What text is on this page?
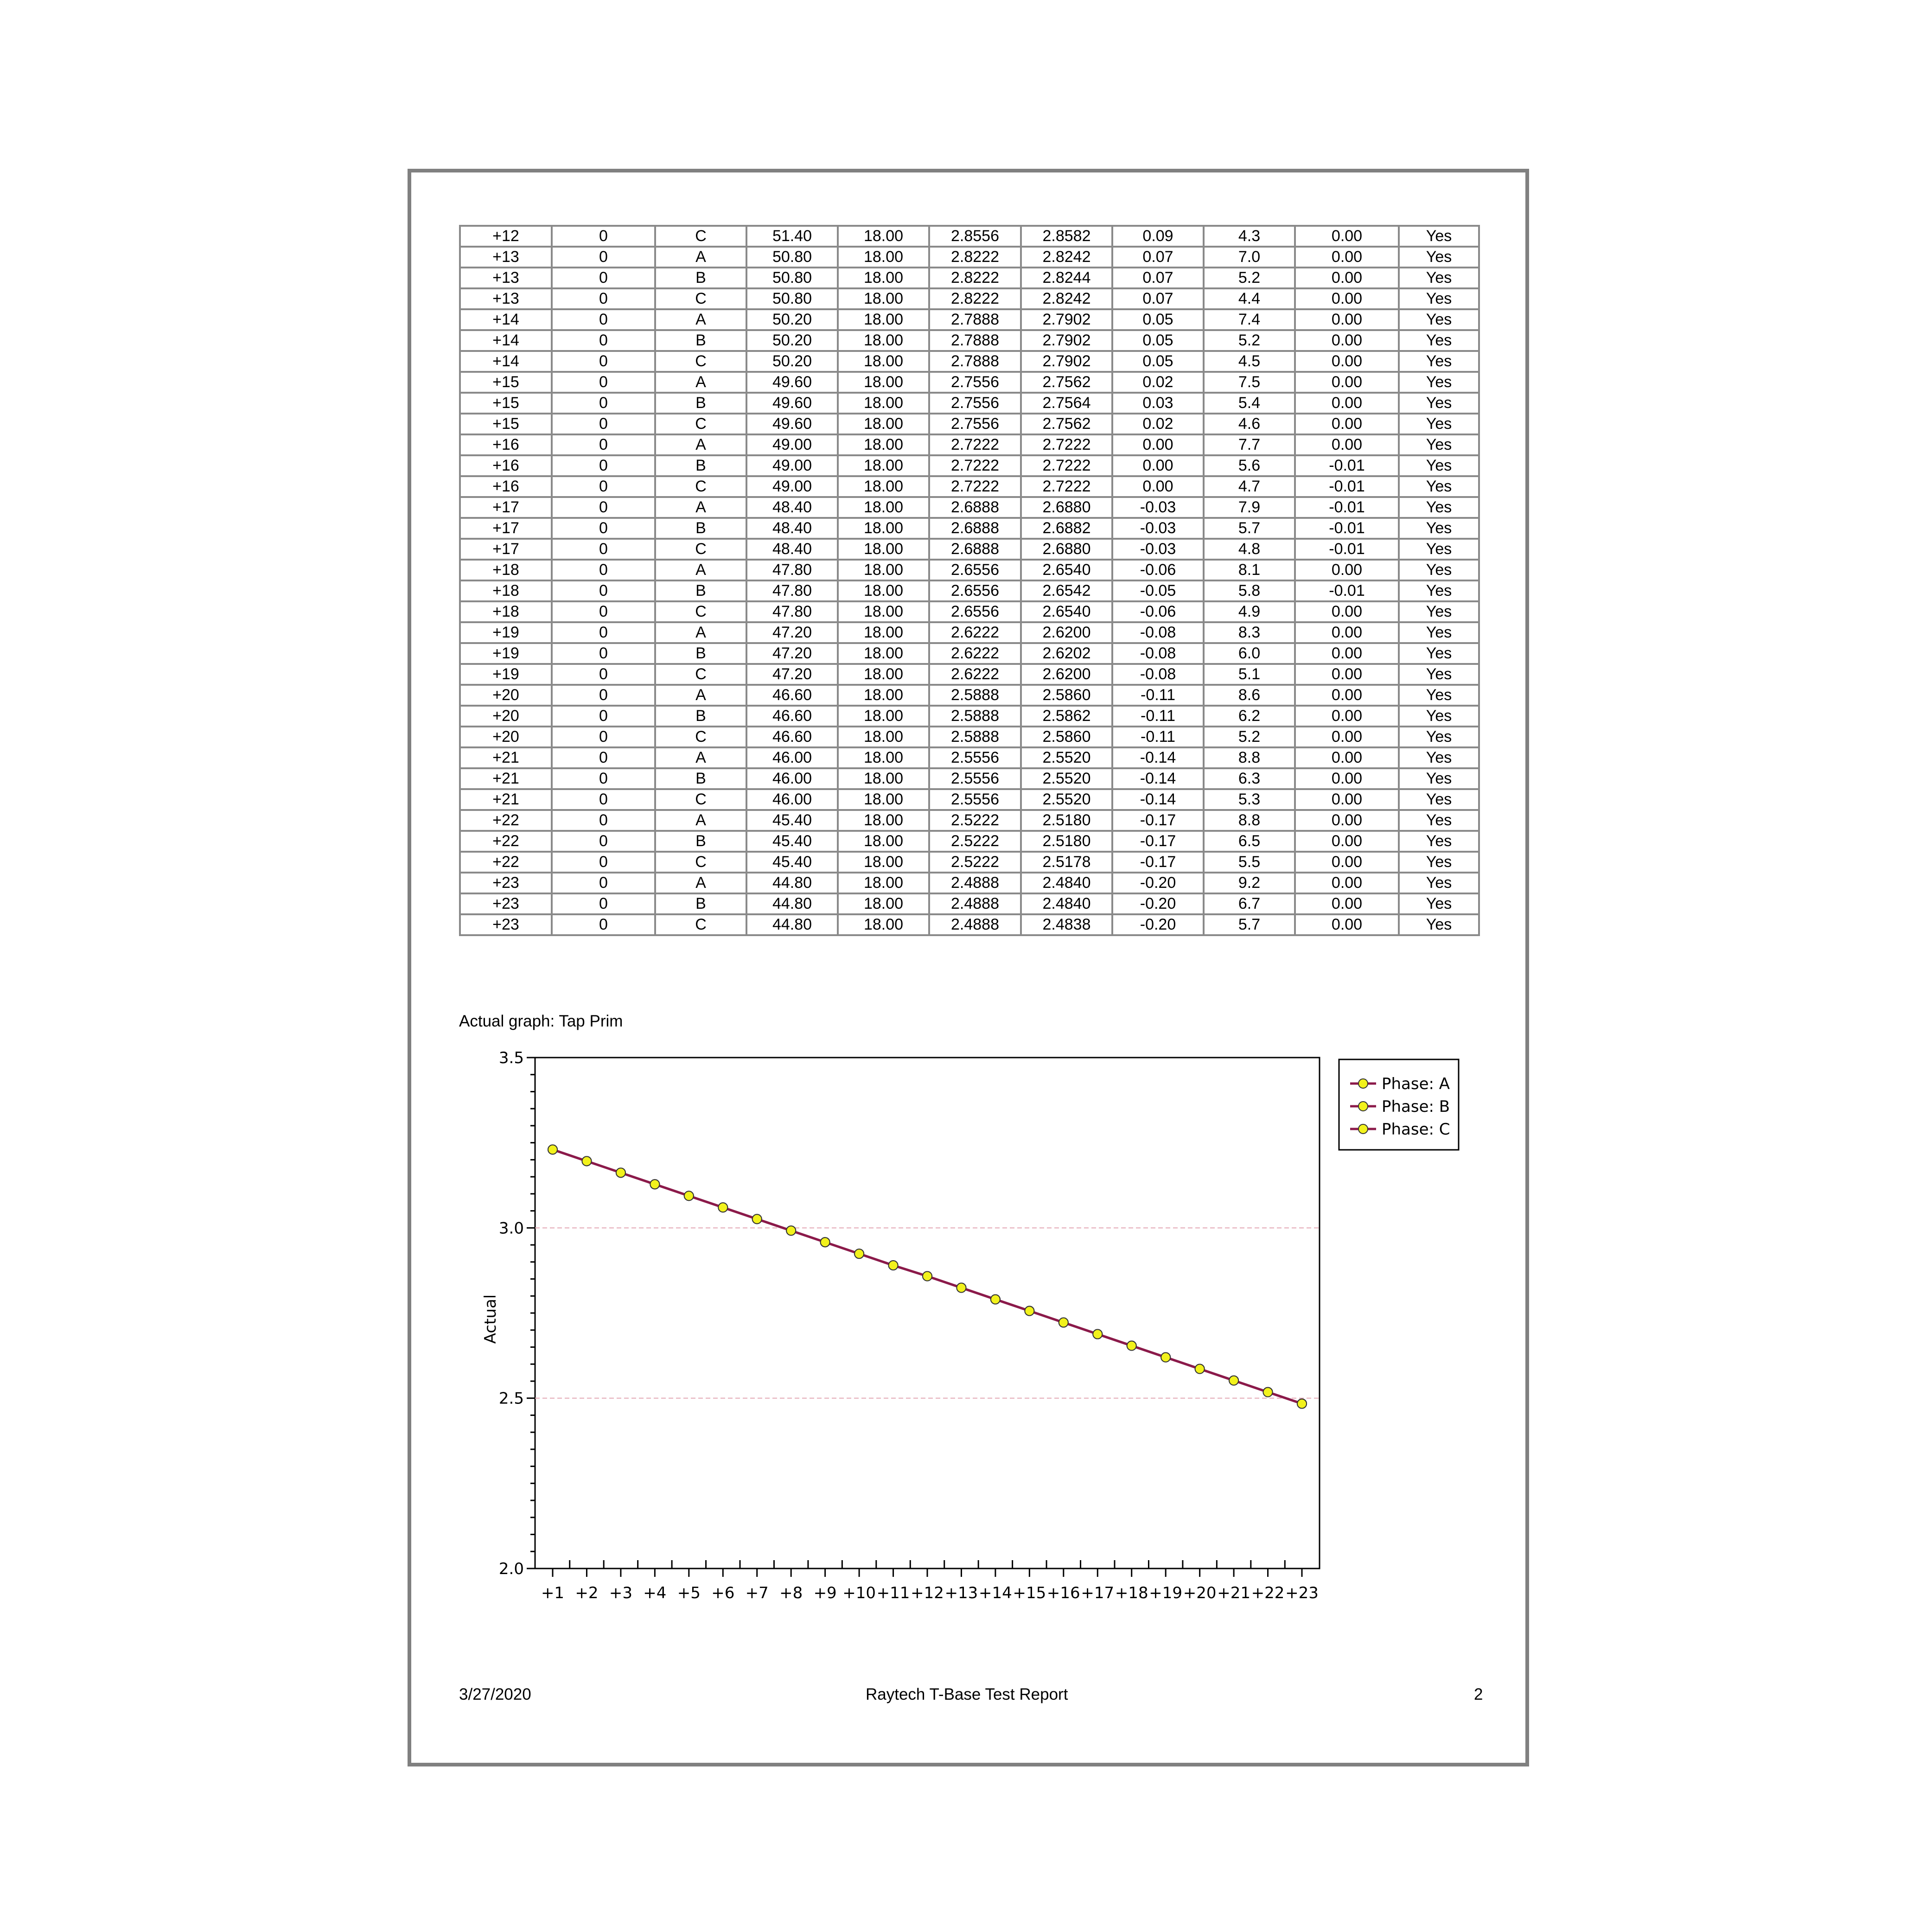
+12	0	C	51.40	18.00	2.8556	2.8582	0.09	4.3	0.00	Yes
+13	0	A	50.80	18.00	2.8222	2.8242	0.07	7.0	0.00	Yes
+13	0	B	50.80	18.00	2.8222	2.8244	0.07	5.2	0.00	Yes
+13	0	C	50.80	18.00	2.8222	2.8242	0.07	4.4	0.00	Yes
+14	0	A	50.20	18.00	2.7888	2.7902	0.05	7.4	0.00	Yes
+14	0	B	50.20	18.00	2.7888	2.7902	0.05	5.2	0.00	Yes
+14	0	C	50.20	18.00	2.7888	2.7902	0.05	4.5	0.00	Yes
+15	0	A	49.60	18.00	2.7556	2.7562	0.02	7.5	0.00	Yes
+15	0	B	49.60	18.00	2.7556	2.7564	0.03	5.4	0.00	Yes
+15	0	C	49.60	18.00	2.7556	2.7562	0.02	4.6	0.00	Yes
+16	0	A	49.00	18.00	2.7222	2.7222	0.00	7.7	0.00	Yes
+16	0	B	49.00	18.00	2.7222	2.7222	0.00	5.6	-0.01	Yes
+16	0	C	49.00	18.00	2.7222	2.7222	0.00	4.7	-0.01	Yes
+17	0	A	48.40	18.00	2.6888	2.6880	-0.03	7.9	-0.01	Yes
+17	0	B	48.40	18.00	2.6888	2.6882	-0.03	5.7	-0.01	Yes
+17	0	C	48.40	18.00	2.6888	2.6880	-0.03	4.8	-0.01	Yes
+18	0	A	47.80	18.00	2.6556	2.6540	-0.06	8.1	0.00	Yes
+18	0	B	47.80	18.00	2.6556	2.6542	-0.05	5.8	-0.01	Yes
+18	0	C	47.80	18.00	2.6556	2.6540	-0.06	4.9	0.00	Yes
+19	0	A	47.20	18.00	2.6222	2.6200	-0.08	8.3	0.00	Yes
+19	0	B	47.20	18.00	2.6222	2.6202	-0.08	6.0	0.00	Yes
+19	0	C	47.20	18.00	2.6222	2.6200	-0.08	5.1	0.00	Yes
+20	0	A	46.60	18.00	2.5888	2.5860	-0.11	8.6	0.00	Yes
+20	0	B	46.60	18.00	2.5888	2.5862	-0.11	6.2	0.00	Yes
+20	0	C	46.60	18.00	2.5888	2.5860	-0.11	5.2	0.00	Yes
+21	0	A	46.00	18.00	2.5556	2.5520	-0.14	8.8	0.00	Yes
+21	0	B	46.00	18.00	2.5556	2.5520	-0.14	6.3	0.00	Yes
+21	0	C	46.00	18.00	2.5556	2.5520	-0.14	5.3	0.00	Yes
+22	0	A	45.40	18.00	2.5222	2.5180	-0.17	8.8	0.00	Yes
+22	0	B	45.40	18.00	2.5222	2.5180	-0.17	6.5	0.00	Yes
+22	0	C	45.40	18.00	2.5222	2.5178	-0.17	5.5	0.00	Yes
+23	0	A	44.80	18.00	2.4888	2.4840	-0.20	9.2	0.00	Yes
+23	0	B	44.80	18.00	2.4888	2.4840	-0.20	6.7	0.00	Yes
+23	0	C	44.80	18.00	2.4888	2.4838	-0.20	5.7	0.00	Yes
Actual graph: Tap Prim
2.0
2.5
3.0
3.5
+1 +2 +3 +4 +5 +6 +7 +8 +9 +10 +11 +12 +13 +14 +15 +16 +17 +18 +19 +20 +21 +22 +23
Actual
Phase: A
Phase: B
Phase: C
3/27/2020	Raytech T-Base Test Report	2
